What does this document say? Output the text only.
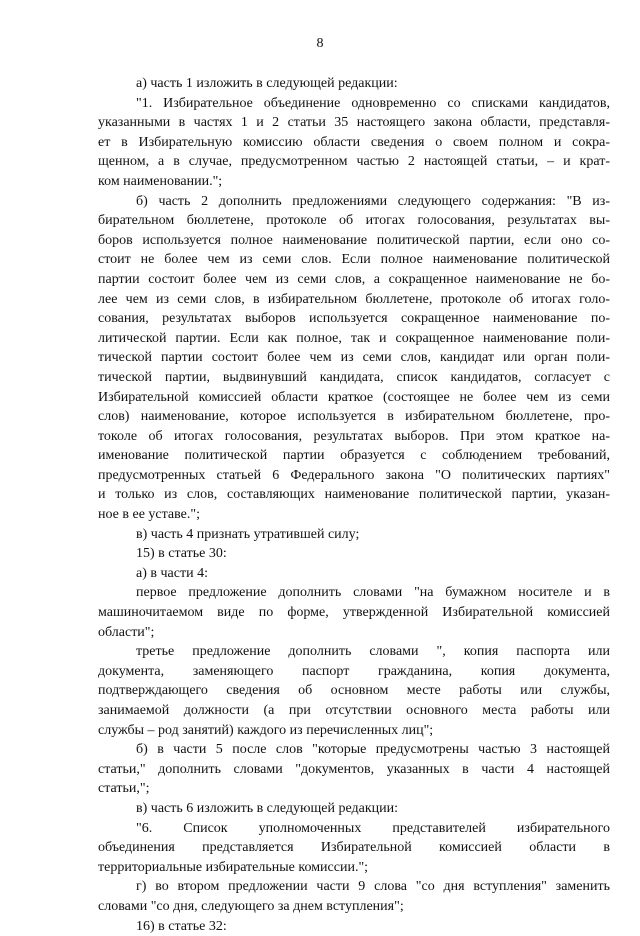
8
а) часть 1 изложить в следующей редакции:
"1. Избирательное объединение одновременно со списками кандидатов,
указанными в частях 1 и 2 статьи 35 настоящего закона области, представля-
ет в Избирательную комиссию области сведения о своем полном и сокра-
щенном, а в случае, предусмотренном частью 2 настоящей статьи, – и крат-
ком наименовании.";
б) часть 2 дополнить предложениями следующего содержания: "В из-
бирательном бюллетене, протоколе об итогах голосования, результатах вы-
боров используется полное наименование политической партии, если оно со-
стоит не более чем из семи слов. Если полное наименование политической
партии состоит более чем из семи слов, а сокращенное наименование не бо-
лее чем из семи слов, в избирательном бюллетене, протоколе об итогах голо-
сования, результатах выборов используется сокращенное наименование по-
литической партии. Если как полное, так и сокращенное наименование поли-
тической партии состоит более чем из семи слов, кандидат или орган поли-
тической партии, выдвинувший кандидата, список кандидатов, согласует с
Избирательной комиссией области краткое (состоящее не более чем из семи
слов) наименование, которое используется в избирательном бюллетене, про-
токоле об итогах голосования, результатах выборов. При этом краткое на-
именование политической партии образуется с соблюдением требований,
предусмотренных статьей 6 Федерального закона "О политических партиях"
и только из слов, составляющих наименование политической партии, указан-
ное в ее уставе.";
в) часть 4 признать утратившей силу;
15) в статье 30:
а) в части 4:
первое предложение дополнить словами "на бумажном носителе и в
машиночитаемом виде по форме, утвержденной Избирательной комиссией
области";
третье предложение дополнить словами ", копия паспорта или
документа, заменяющего паспорт гражданина, копия документа,
подтверждающего сведения об основном месте работы или службы,
занимаемой должности (а при отсутствии основного места работы или
службы – род занятий) каждого из перечисленных лиц";
б) в части 5 после слов "которые предусмотрены частью 3 настоящей
статьи," дополнить словами "документов, указанных в части 4 настоящей
статьи,";
в) часть 6 изложить в следующей редакции:
"6. Список уполномоченных представителей избирательного
объединения представляется Избирательной комиссией области в
территориальные избирательные комиссии.";
г) во втором предложении части 9 слова "со дня вступления" заменить
словами "со дня, следующего за днем вступления";
16) в статье 32:
